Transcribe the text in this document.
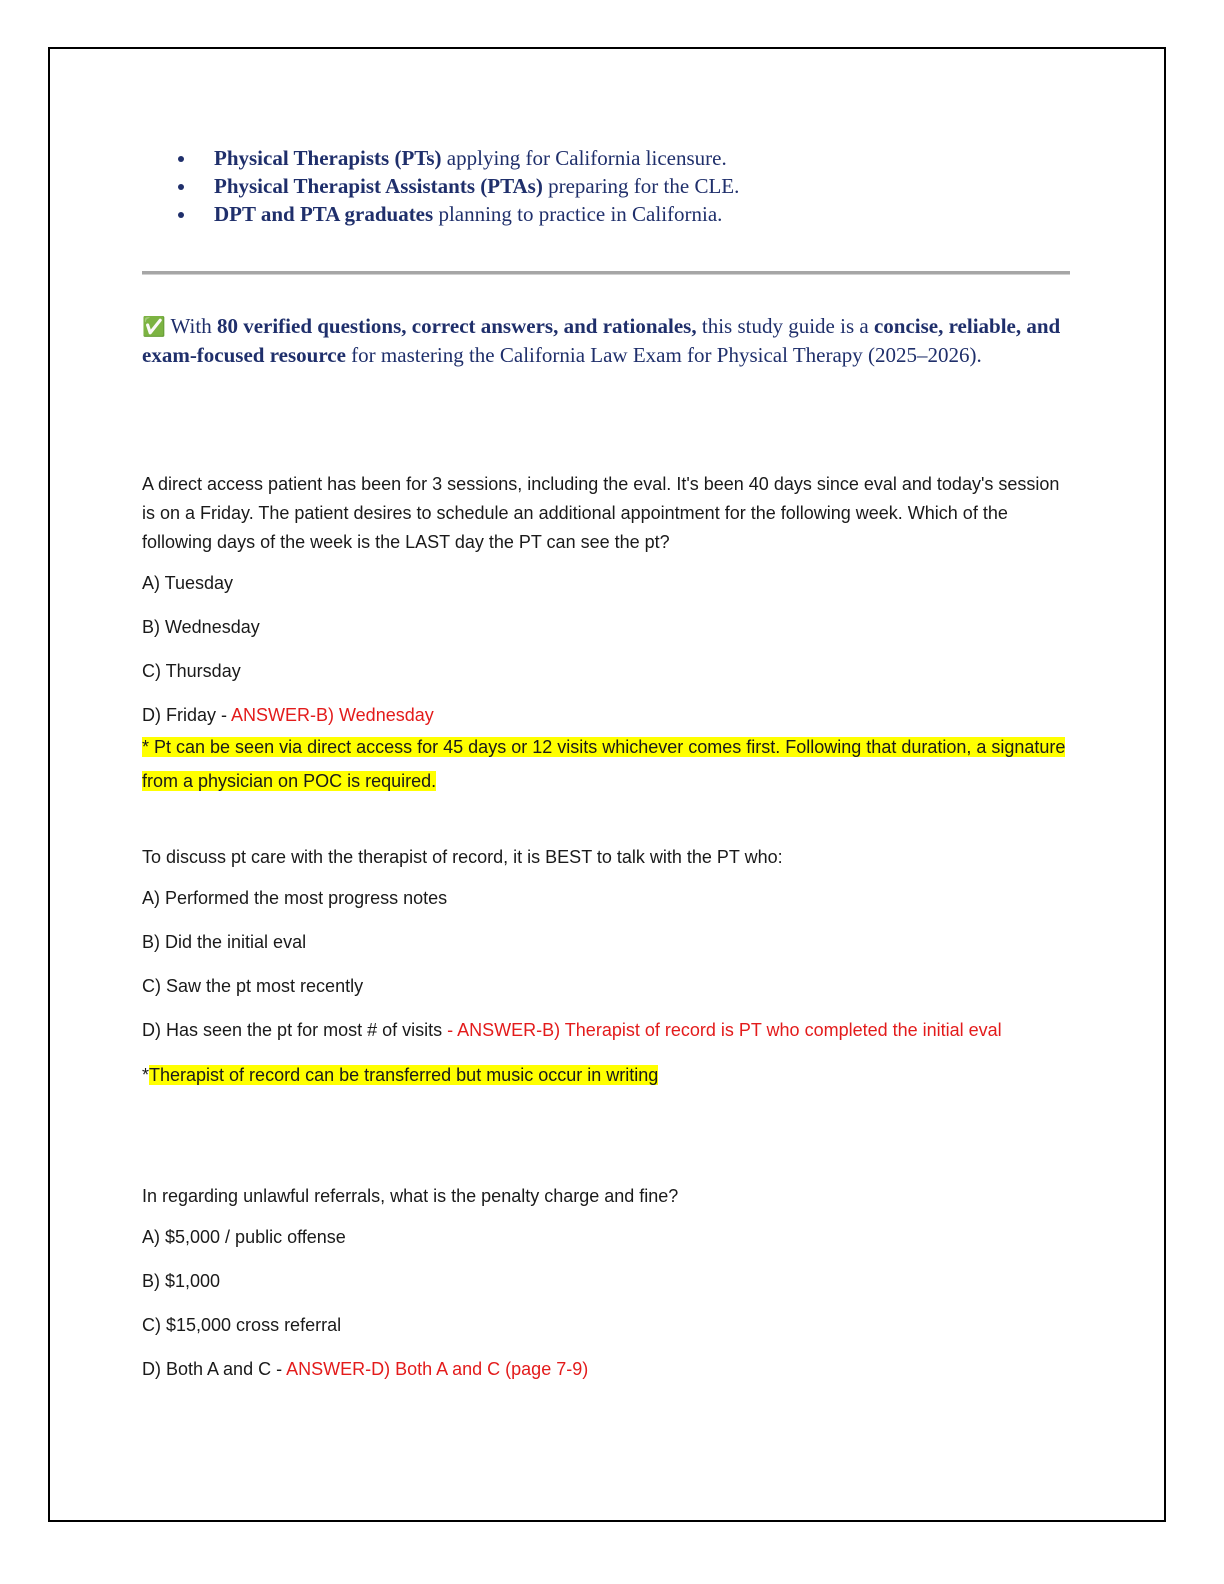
Physical Therapists (PTs) applying for California licensure.
Physical Therapist Assistants (PTAs) preparing for the CLE.
DPT and PTA graduates planning to practice in California.

✅ With 80 verified questions, correct answers, and rationales, this study guide is a concise, reliable, and exam-focused resource for mastering the California Law Exam for Physical Therapy (2025–2026).

A direct access patient has been for 3 sessions, including the eval. It's been 40 days since eval and today's session is on a Friday. The patient desires to schedule an additional appointment for the following week. Which of the following days of the week is the LAST day the PT can see the pt?

A) Tuesday

B) Wednesday

C) Thursday

D) Friday - ANSWER-B) Wednesday

* Pt can be seen via direct access for 45 days or 12 visits whichever comes first. Following that duration, a signature from a physician on POC is required.

To discuss pt care with the therapist of record, it is BEST to talk with the PT who:

A) Performed the most progress notes

B) Did the initial eval

C) Saw the pt most recently

D) Has seen the pt for most # of visits - ANSWER-B) Therapist of record is PT who completed the initial eval

*Therapist of record can be transferred but music occur in writing

In regarding unlawful referrals, what is the penalty charge and fine?

A) $5,000 / public offense

B) $1,000

C) $15,000 cross referral

D) Both A and C - ANSWER-D) Both A and C (page 7-9)
